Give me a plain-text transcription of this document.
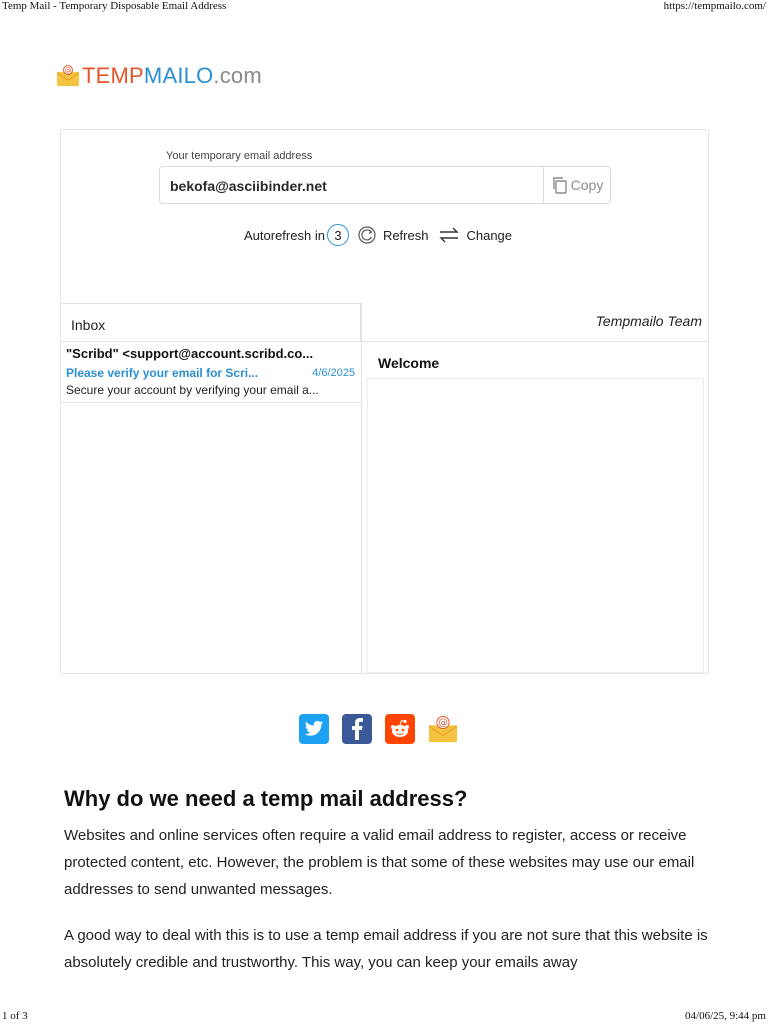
Temp Mail - Temporary Disposable Email Address	https://tempmailo.com/
@ TEMPMAILO.com
Your temporary email address
bekofa@asciibinder.net	Copy
Autorefresh in 3	Refresh	Change
Inbox
"Scribd" <support@account.scribd.co...
Please verify your email for Scri...	4/6/2025
Secure your account by verifying your email a...
Tempmailo Team
Welcome
@
Why do we need a temp mail address?

Websites and online services often require a valid email address to register, access or receive protected content, etc. However, the problem is that some of these websites may use our email addresses to send unwanted messages.

A good way to deal with this is to use a temp email address if you are not sure that this website is absolutely credible and trustworthy. This way, you can keep your emails away

1 of 3	04/06/25, 9:44 pm
